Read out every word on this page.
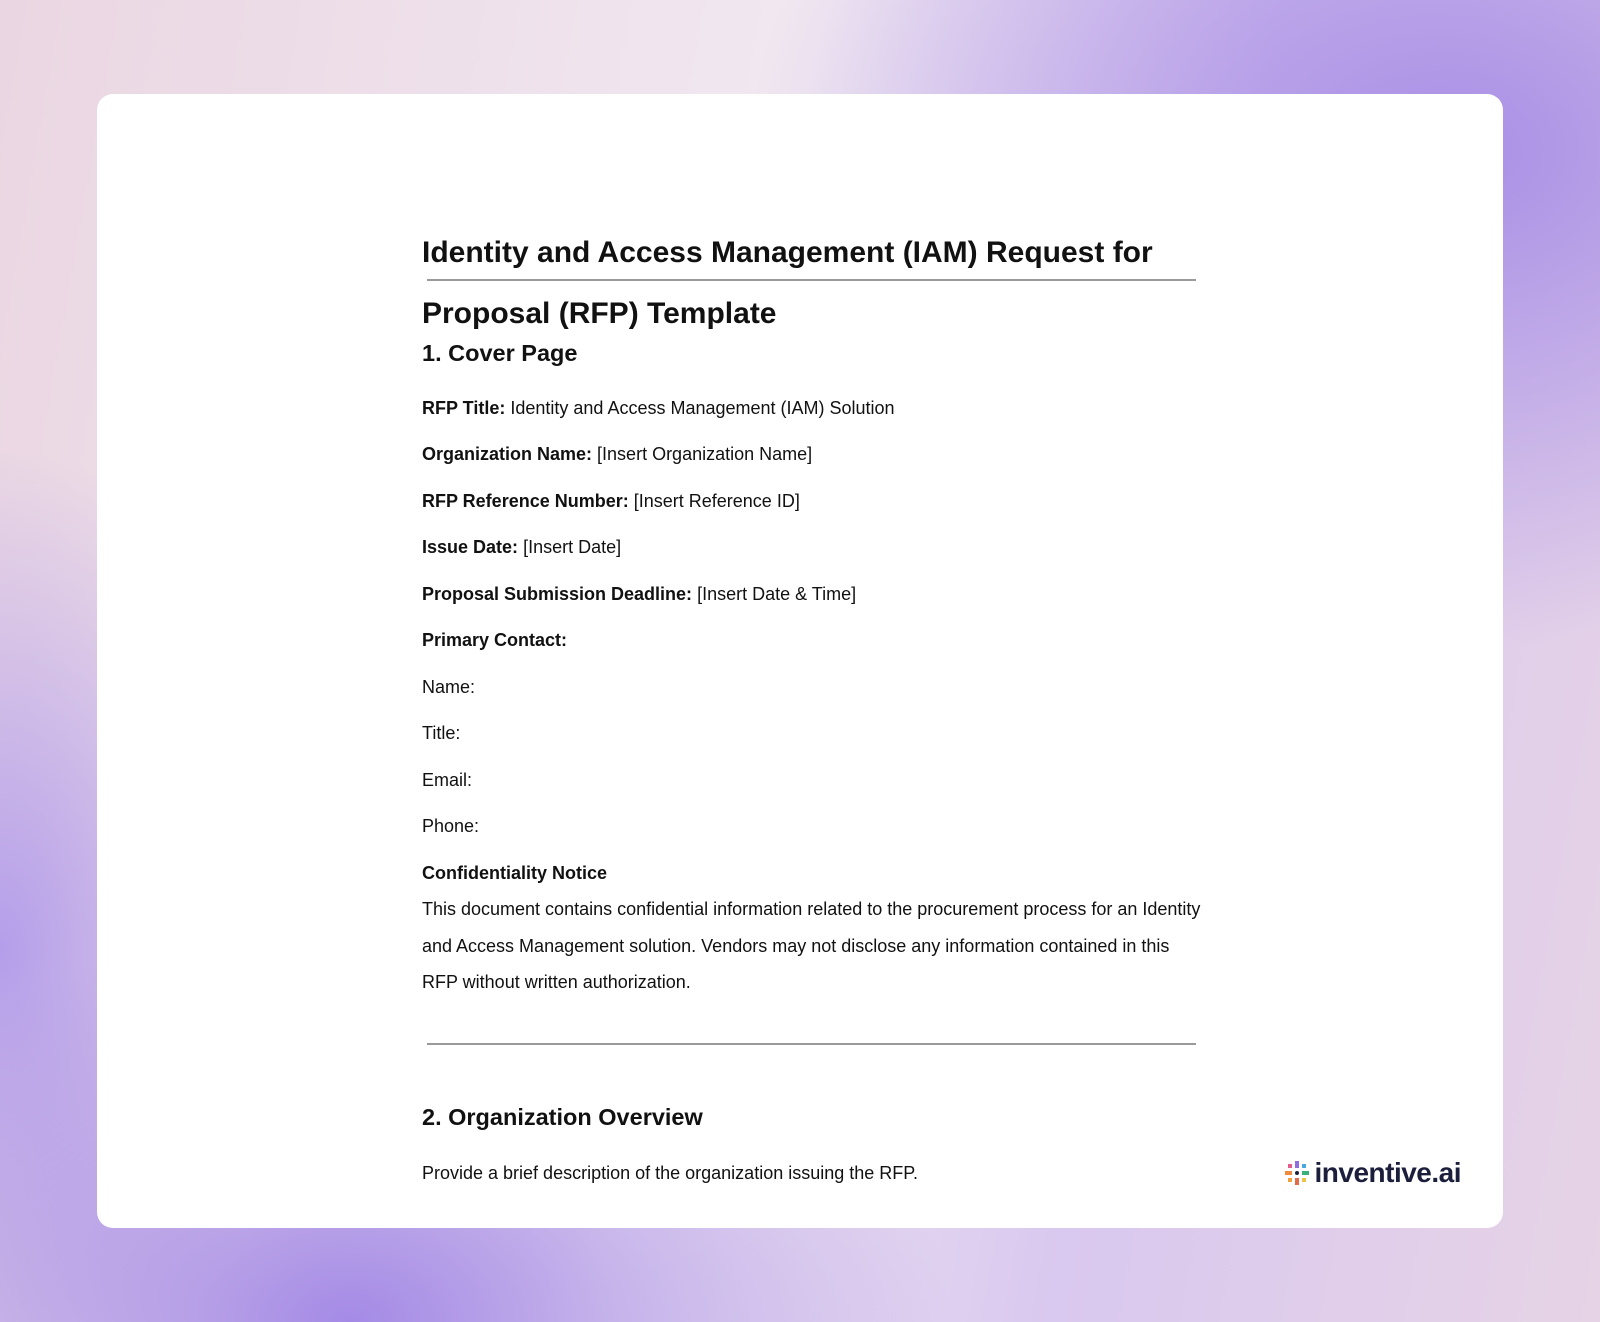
Identity and Access Management (IAM) Request for Proposal (RFP) Template
1. Cover Page
RFP Title: Identity and Access Management (IAM) Solution
Organization Name: [Insert Organization Name]
RFP Reference Number: [Insert Reference ID]
Issue Date: [Insert Date]
Proposal Submission Deadline: [Insert Date & Time]
Primary Contact:
Name:
Title:
Email:
Phone:
Confidentiality Notice
This document contains confidential information related to the procurement process for an Identity and Access Management solution. Vendors may not disclose any information contained in this RFP without written authorization.
2. Organization Overview
Provide a brief description of the organization issuing the RFP.	inventive.ai
